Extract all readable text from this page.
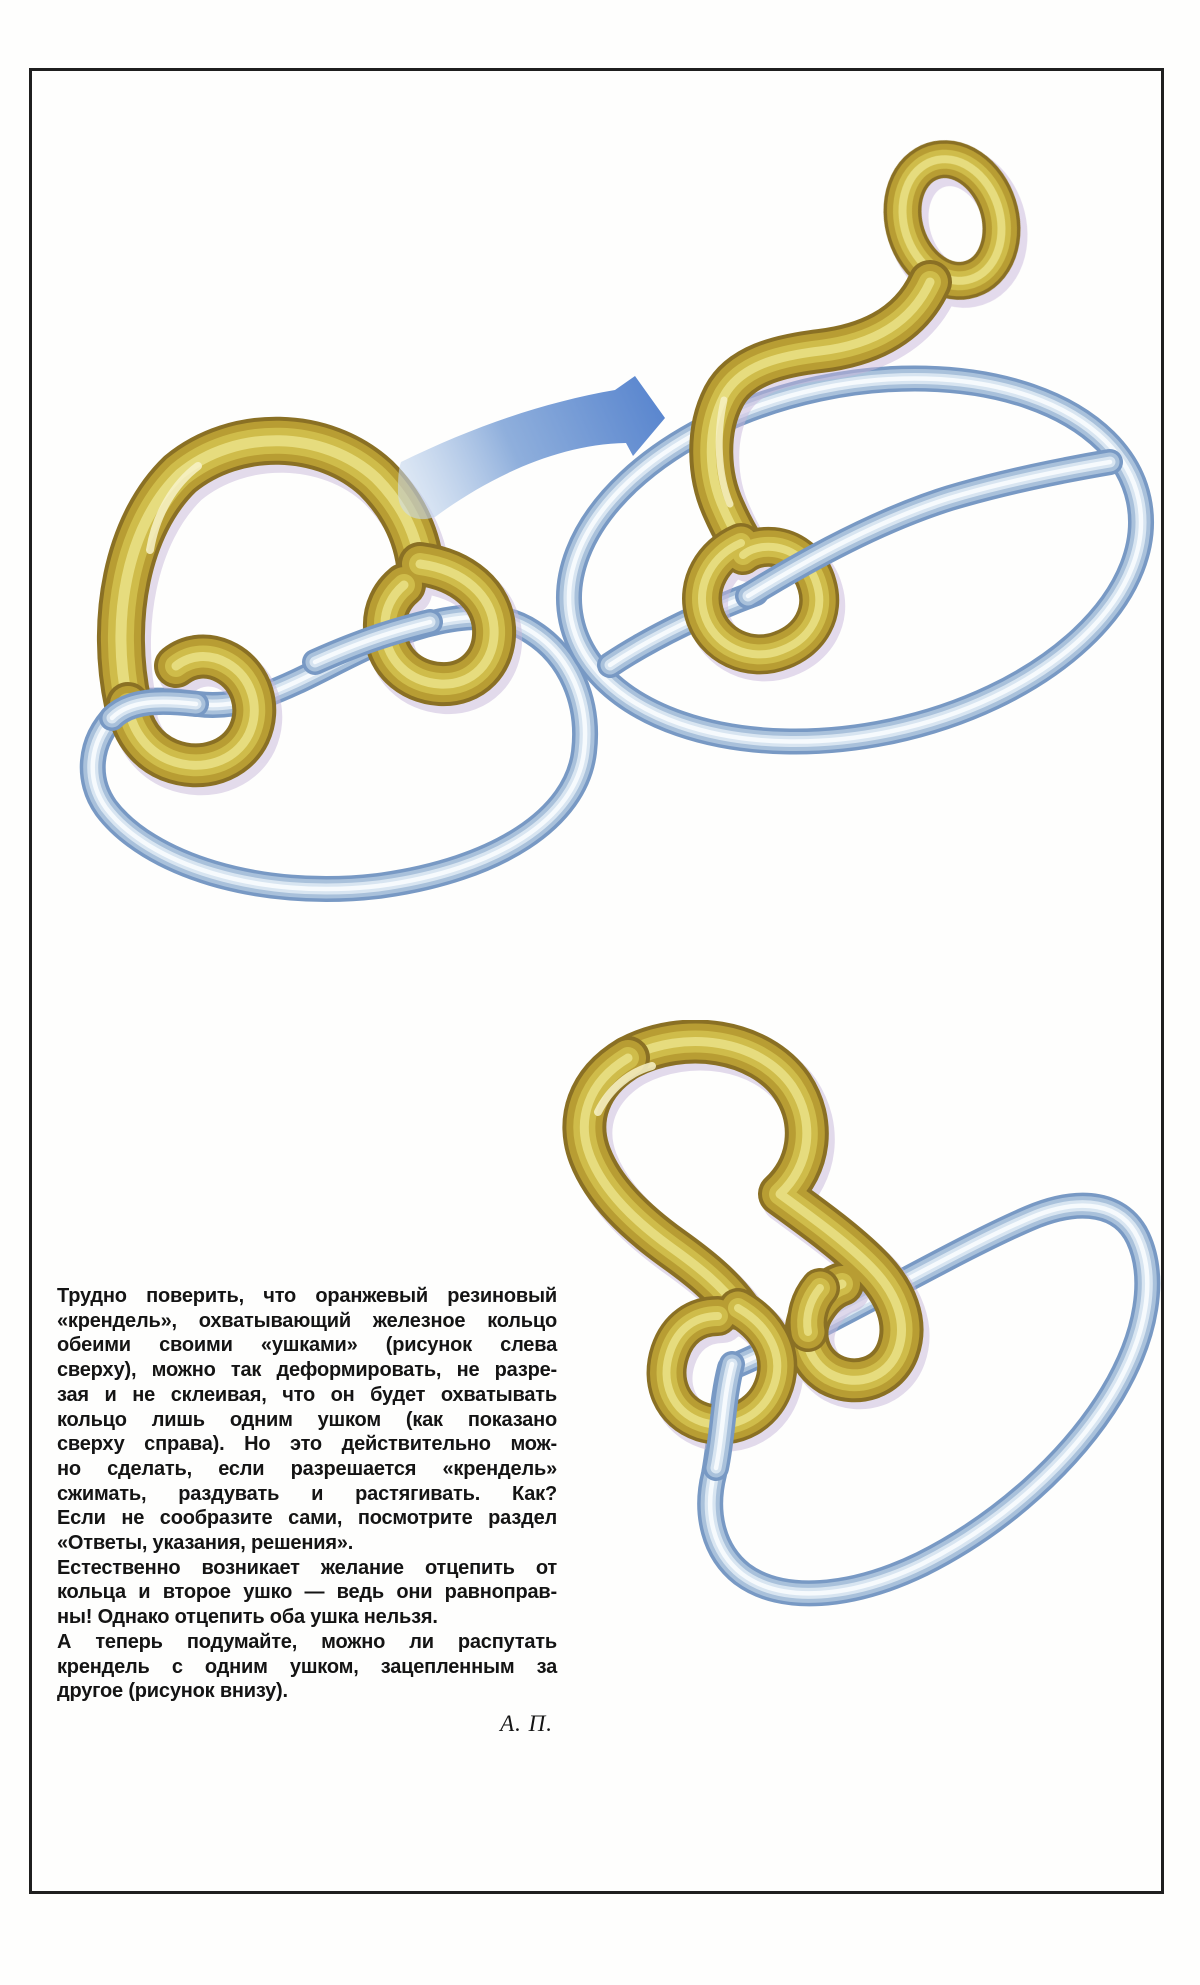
Трудно поверить, что оранжевый резиновый
«крендель», охватывающий железное кольцо
обеими своими «ушками» (рисунок слева
сверху), можно так деформировать, не разре-
зая и не склеивая, что он будет охватывать
кольцо лишь одним ушком (как показано
сверху справа). Но это действительно мож-
но сделать, если разрешается «крендель»
сжимать, раздувать и растягивать. Как?
Если не сообразите сами, посмотрите раздел
«Ответы, указания, решения».

Естественно возникает желание отцепить от
кольца и второе ушко — ведь они равноправ-
ны! Однако отцепить оба ушка нельзя.

А теперь подумайте, можно ли распутать
крендель с одним ушком, зацепленным за
другое (рисунок внизу).

А. П.
